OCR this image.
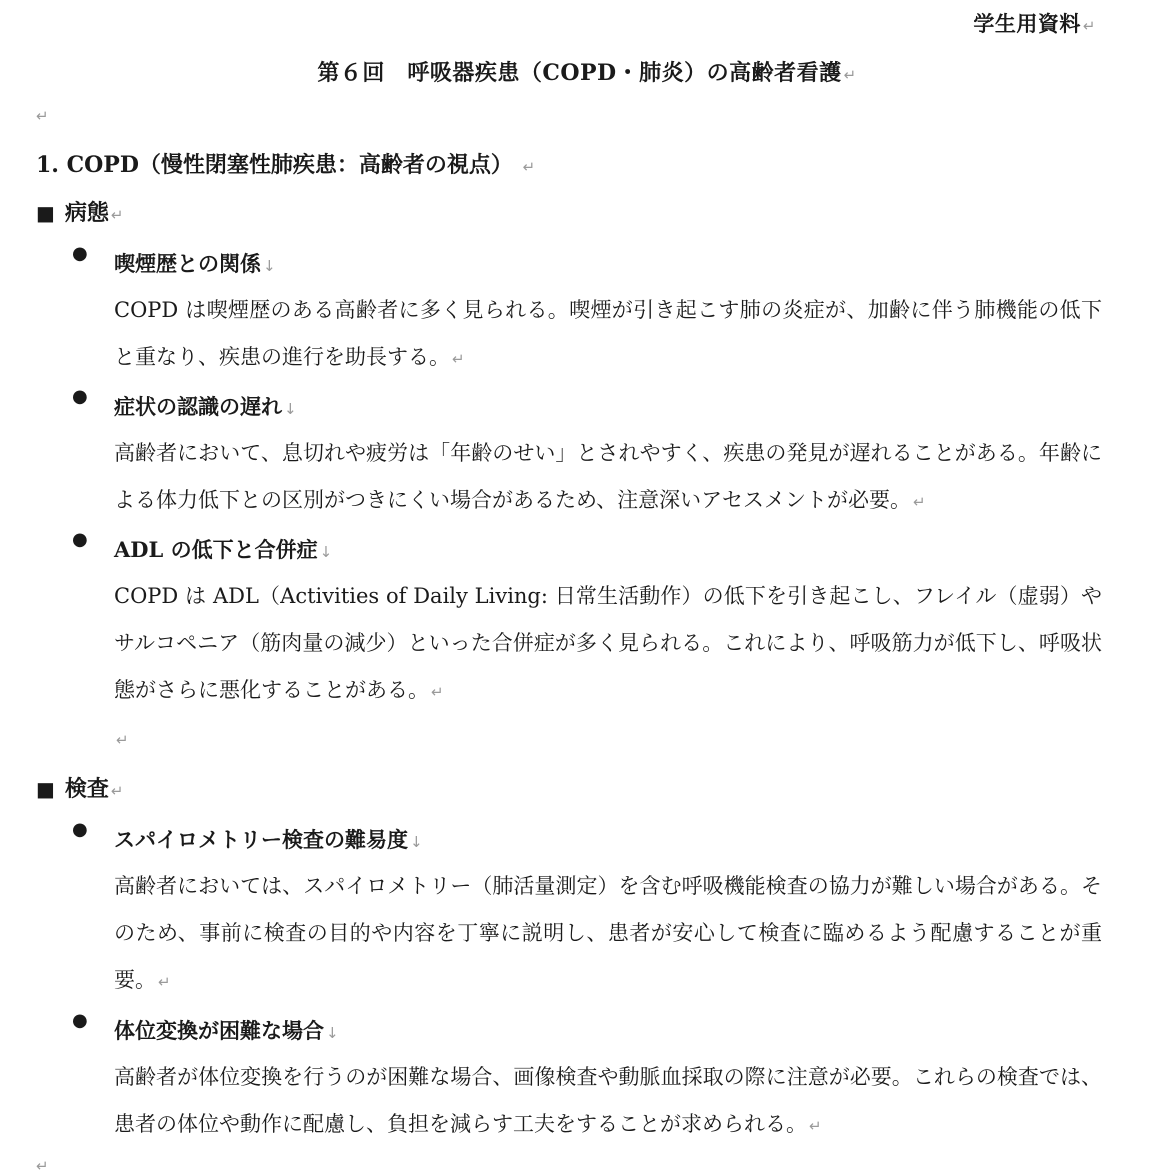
学生用資料 ↵
第６回　呼吸器疾患（COPD・肺炎）の高齢者看護 ↵
↵
1. COPD（慢性閉塞性肺疾患：高齢者の視点） ↵
■ 病態 ↵
● 喫煙歴との関係 ↓
COPD は喫煙歴のある高齢者に多く見られる。喫煙が引き起こす肺の炎症が、加齢に伴う肺機能の低下と重なり、疾患の進行を助長する。 ↵
● 症状の認識の遅れ ↓
高齢者において、息切れや疲労は「年齢のせい」とされやすく、疾患の発見が遅れることがある。年齢による体力低下との区別がつきにくい場合があるため、注意深いアセスメントが必要。 ↵
● ADL の低下と合併症 ↓
COPD は ADL（Activities of Daily Living: 日常生活動作）の低下を引き起こし、フレイル（虚弱）やサルコペニア（筋肉量の減少）といった合併症が多く見られる。これにより、呼吸筋力が低下し、呼吸状態がさらに悪化することがある。 ↵
↵
■ 検査 ↵
● スパイロメトリー検査の難易度 ↓
高齢者においては、スパイロメトリー（肺活量測定）を含む呼吸機能検査の協力が難しい場合がある。そのため、事前に検査の目的や内容を丁寧に説明し、患者が安心して検査に臨めるよう配慮することが重要。 ↵
● 体位変換が困難な場合 ↓
高齢者が体位変換を行うのが困難な場合、画像検査や動脈血採取の際に注意が必要。これらの検査では、患者の体位や動作に配慮し、負担を減らす工夫をすることが求められる。 ↵
↵
